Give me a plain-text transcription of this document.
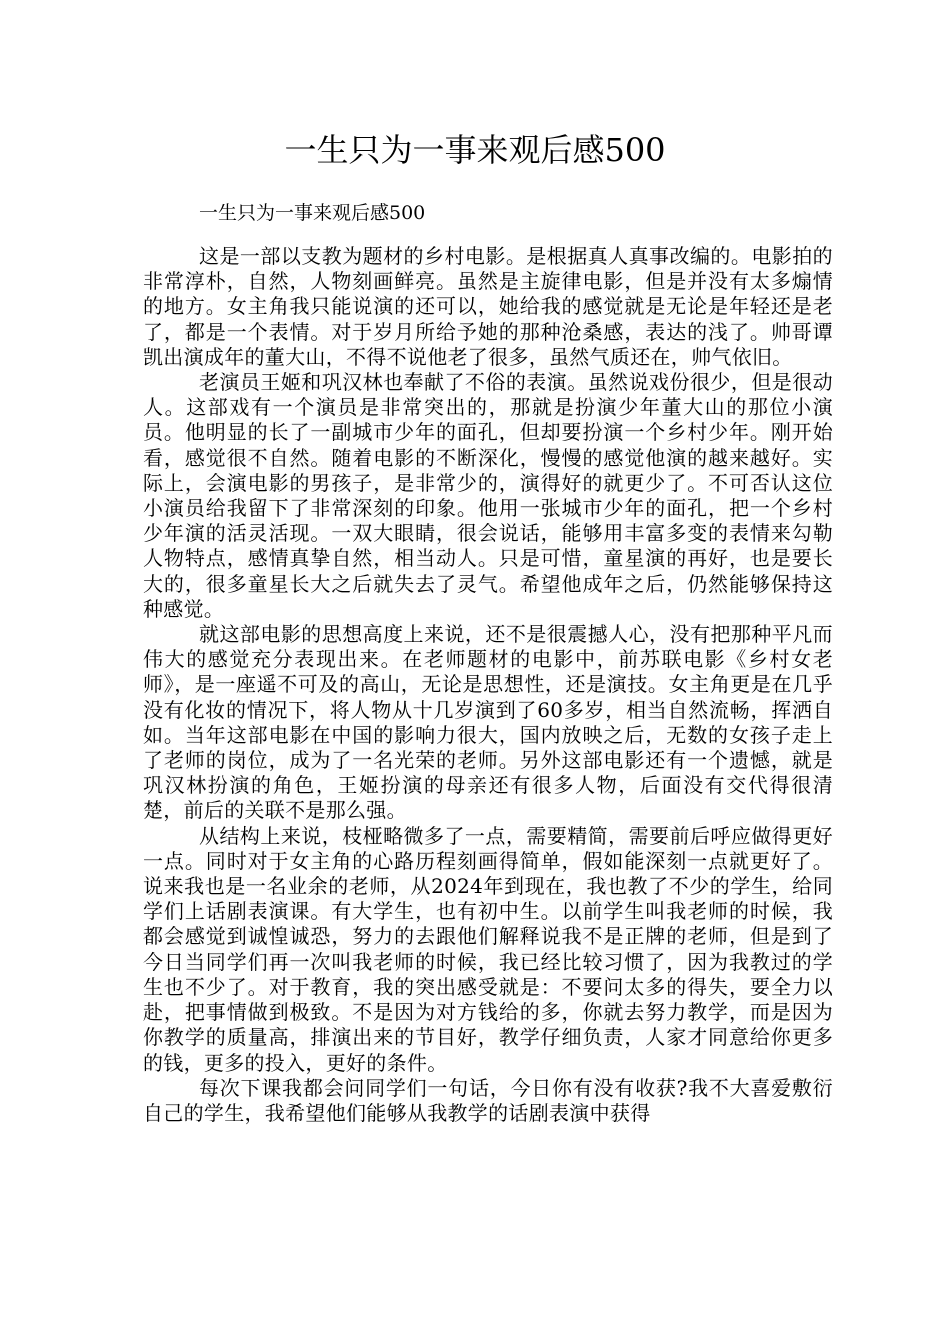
一生只为一事来观后感500

一生只为一事来观后感500

这是一部以支教为题材的乡村电影。是根据真人真事改编的。电影拍的非常淳朴，自然，人物刻画鲜亮。虽然是主旋律电影，但是并没有太多煽情的地方。女主角我只能说演的还可以，她给我的感觉就是无论是年轻还是老了，都是一个表情。对于岁月所给予她的那种沧桑感，表达的浅了。帅哥谭凯出演成年的董大山，不得不说他老了很多，虽然气质还在，帅气依旧。

老演员王姬和巩汉林也奉献了不俗的表演。虽然说戏份很少，但是很动人。这部戏有一个演员是非常突出的，那就是扮演少年董大山的那位小演员。他明显的长了一副城市少年的面孔，但却要扮演一个乡村少年。刚开始看，感觉很不自然。随着电影的不断深化，慢慢的感觉他演的越来越好。实际上，会演电影的男孩子，是非常少的，演得好的就更少了。不可否认这位小演员给我留下了非常深刻的印象。他用一张城市少年的面孔，把一个乡村少年演的活灵活现。一双大眼睛，很会说话，能够用丰富多变的表情来勾勒人物特点，感情真挚自然，相当动人。只是可惜，童星演的再好，也是要长大的，很多童星长大之后就失去了灵气。希望他成年之后，仍然能够保持这种感觉。

就这部电影的思想高度上来说，还不是很震撼人心，没有把那种平凡而伟大的感觉充分表现出来。在老师题材的电影中，前苏联电影《乡村女老师》，是一座遥不可及的高山，无论是思想性，还是演技。女主角更是在几乎没有化妆的情况下，将人物从十几岁演到了60多岁，相当自然流畅，挥洒自如。当年这部电影在中国的影响力很大，国内放映之后，无数的女孩子走上了老师的岗位，成为了一名光荣的老师。另外这部电影还有一个遗憾，就是巩汉林扮演的角色，王姬扮演的母亲还有很多人物，后面没有交代得很清楚，前后的关联不是那么强。

从结构上来说，枝桠略微多了一点，需要精简，需要前后呼应做得更好一点。同时对于女主角的心路历程刻画得简单，假如能深刻一点就更好了。说来我也是一名业余的老师，从2024年到现在，我也教了不少的学生，给同学们上话剧表演课。有大学生，也有初中生。以前学生叫我老师的时候，我都会感觉到诚惶诚恐，努力的去跟他们解释说我不是正牌的老师，但是到了今日当同学们再一次叫我老师的时候，我已经比较习惯了，因为我教过的学生也不少了。对于教育，我的突出感受就是：不要问太多的得失，要全力以赴，把事情做到极致。不是因为对方钱给的多，你就去努力教学，而是因为你教学的质量高，排演出来的节目好，教学仔细负责，人家才同意给你更多的钱，更多的投入，更好的条件。

每次下课我都会问同学们一句话，今日你有没有收获?我不大喜爱敷衍自己的学生，我希望他们能够从我教学的话剧表演中获得
